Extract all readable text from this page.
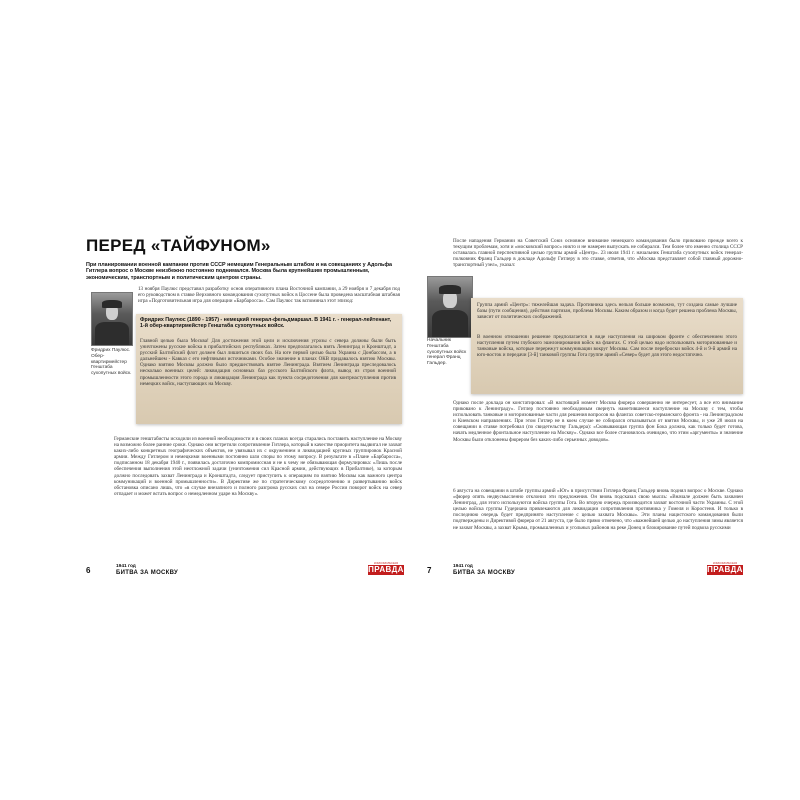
ПЕРЕД «ТАЙФУНОМ»
При планировании военной кампании против СССР немецким Генеральным штабом и на совещаниях у Адольфа Гитлера вопрос о Москве неизбежно постоянно поднимался. Москва была крупнейшим промышленным, экономическим, транспортным и политическим центром страны.
Фридрих Паулюс. Обер-квартирмейстер Генштаба сухопутных войск.
13 ноября Паулюс представил разработку основ оперативного плана Восточной кампании, а 29 ноября и 7 декабря под его руководством в ставке Верховного командования сухопутных войск в Цоссене была проведена масштабная штабная игра «Подготовительная игра для операции «Барбаросса». Сам Паулюс так вспоминал этот эпизод:
Фридрих Паулюс (1890 - 1957) - немецкий генерал-фельдмаршал. В 1941 г. - генерал-лейтенант, 1-й обер-квартирмейстер Генштаба сухопутных войск.
Главной целью была Москва! Для достижения этой цели и исключения угрозы с севера должны были быть уничтожены русские войска в прибалтийских республиках. Затем предполагалось взять Ленинград и Кронштадт, а русский Балтийский флот должен был лишиться своих баз. На юге первой целью была Украина с Донбассом, а в дальнейшем - Кавказ с его нефтяными источниками. Особое значение в планах ОКВ придавалось взятию Москвы. Однако взятию Москвы должно было предшествовать взятие Ленинграда. Взятием Ленинграда преследовалось несколько военных целей: ликвидация основных баз русского Балтийского флота, вывод из строя военной промышленности этого города и ликвидация Ленинграда как пункта сосредоточения для контрнаступления против немецких войск, наступающих на Москву.
Германские генштабисты исходили из военной необходимости и в своих планах всегда старались поставить наступление на Москву на возможно более ранние сроки. Однако они встретили сопротивление Гитлера, который в качестве приоритета выдвигал не захват каких-либо конкретных географических объектов, не увязывал их с окружением и ликвидацией крупных группировок Красной армии. Между Гитлером и немецкими военными постоянно шли споры по этому вопросу. В результате в «Плане «Барбаросса», подписанном 18 декабря 1940 г., появилась достаточно компромиссная и не к чему не обязывающая формулировка: «Лишь после обеспечения выполнения этой неотложной задачи (уничтожения сил Красной армии, действующих в Прибалтике), за которым должно последовать захват Ленинграда и Кронштадта, следует приступить к операциям по взятию Москвы как важного центра коммуникаций и военной промышленности». В Директиве же по стратегическому сосредоточению и развертыванию войск обстановка описано лишь, что «в случае внезапного и полного разгрома русских сил на севере России поворот войск на север отпадает и может встать вопрос о немедленном ударе на Москву».
6	1941 год
БИТВА ЗА МОСКВУ
КОМСОМОЛЬСКАЯ
ПРАВДА
После нападения Германии на Советский Союз основное внимание немецкого командования было прикованo прежде всего к текущим проблемам, хотя и «московский вопрос» никто и не намерен выпускать не собирался. Тем более что именно столица СССР оставалась главной перспективной целью группы армий «Центр». 23 июля 1941 г. начальник Генштаба сухопутных войск генерал-полковник Франц Гальдер в докладе Адольфу Гитлеру в это ставке, ответив, что «Москва представляет собой главный дорожно-транспортный узел», указал:
Начальник Генштаба сухопутных войск генерал Франц Гальдер.
Группа армий «Центр»: тяжелейшая задача. Противника здесь нельзя больше возможно, тут создана самые лучшие базы (пути сообщения), действия партизан, проблема Москвы. Каким образом и когда будет решена проблема Москвы, зависит от политических соображений.
В военном отношении решение предполагается в виде наступления на широком фронте с обеспечением этого наступления путем глубокого эшелонирования войск на флангах. С этой целью надо использовать моторизованные и танковые войска, которые перережут коммуникации вокруг Москвы. Сам после переброски войск 4-й и 9-й армий на юго-восток и передачи [3-й] танковой группы Гота группе армий «Север» будет для этого недостаточно.
Однако после доклада он констатировал: «В настоящий момент Москва фюрера совершенно не интересует, а все его внимание приковано к Ленинграду». Гитлер постоянно необходимым свернуть наметившееся наступление на Москву с тем, чтобы использовать танковые и моторизованные части для решения вопросов на флангах советско-германского фронта - на Ленинградском и Киевском направлениях. При этом Гитлер не в коем случае не собирался отказываться от взятия Москвы, и уже 28 июля на совещании в ставке потребовал (по свидетельству Гальдера): «Сковывающая группа фон Бока должна, как только будет готова, начать медленное фронтальное наступление на Москву». Однако все более становилось очевидно, что этим «аргументы» и значение Москвы были отклонены фюрером без каких-либо серьезных доводов».
6 августа на совещании в штабе группы армий «Юг» в присутствии Гитлера Франц Гальдер вновь поднял вопрос о Москве. Однако «фюрер опять недвусмысленно отклонил эти предложения. Он вновь подсказал свою мысль: «Вначале должен быть захвачен Ленинград, для этого используются войска группы Гота. Во вторую очередь производится захват восточной части Украины. С этой целью войска группы Гудериана привлекаются для ликвидации сопротивления противника у Гомеля и Коростеня. И только в последнюю очередь будет предпринято наступление с целью захвата Москвы». Эти планы нацистского командования были подтверждены и Директивой фюрера от 21 августа, где было прямо отмечено, что «важнейшей целью до наступления зимы является не захват Москвы, а захват Крыма, промышленных и угольных районов на реке Донец и блокирование путей подвоза русскими
7	1941 год
БИТВА ЗА МОСКВУ
КОМСОМОЛЬСКАЯ
ПРАВДА
